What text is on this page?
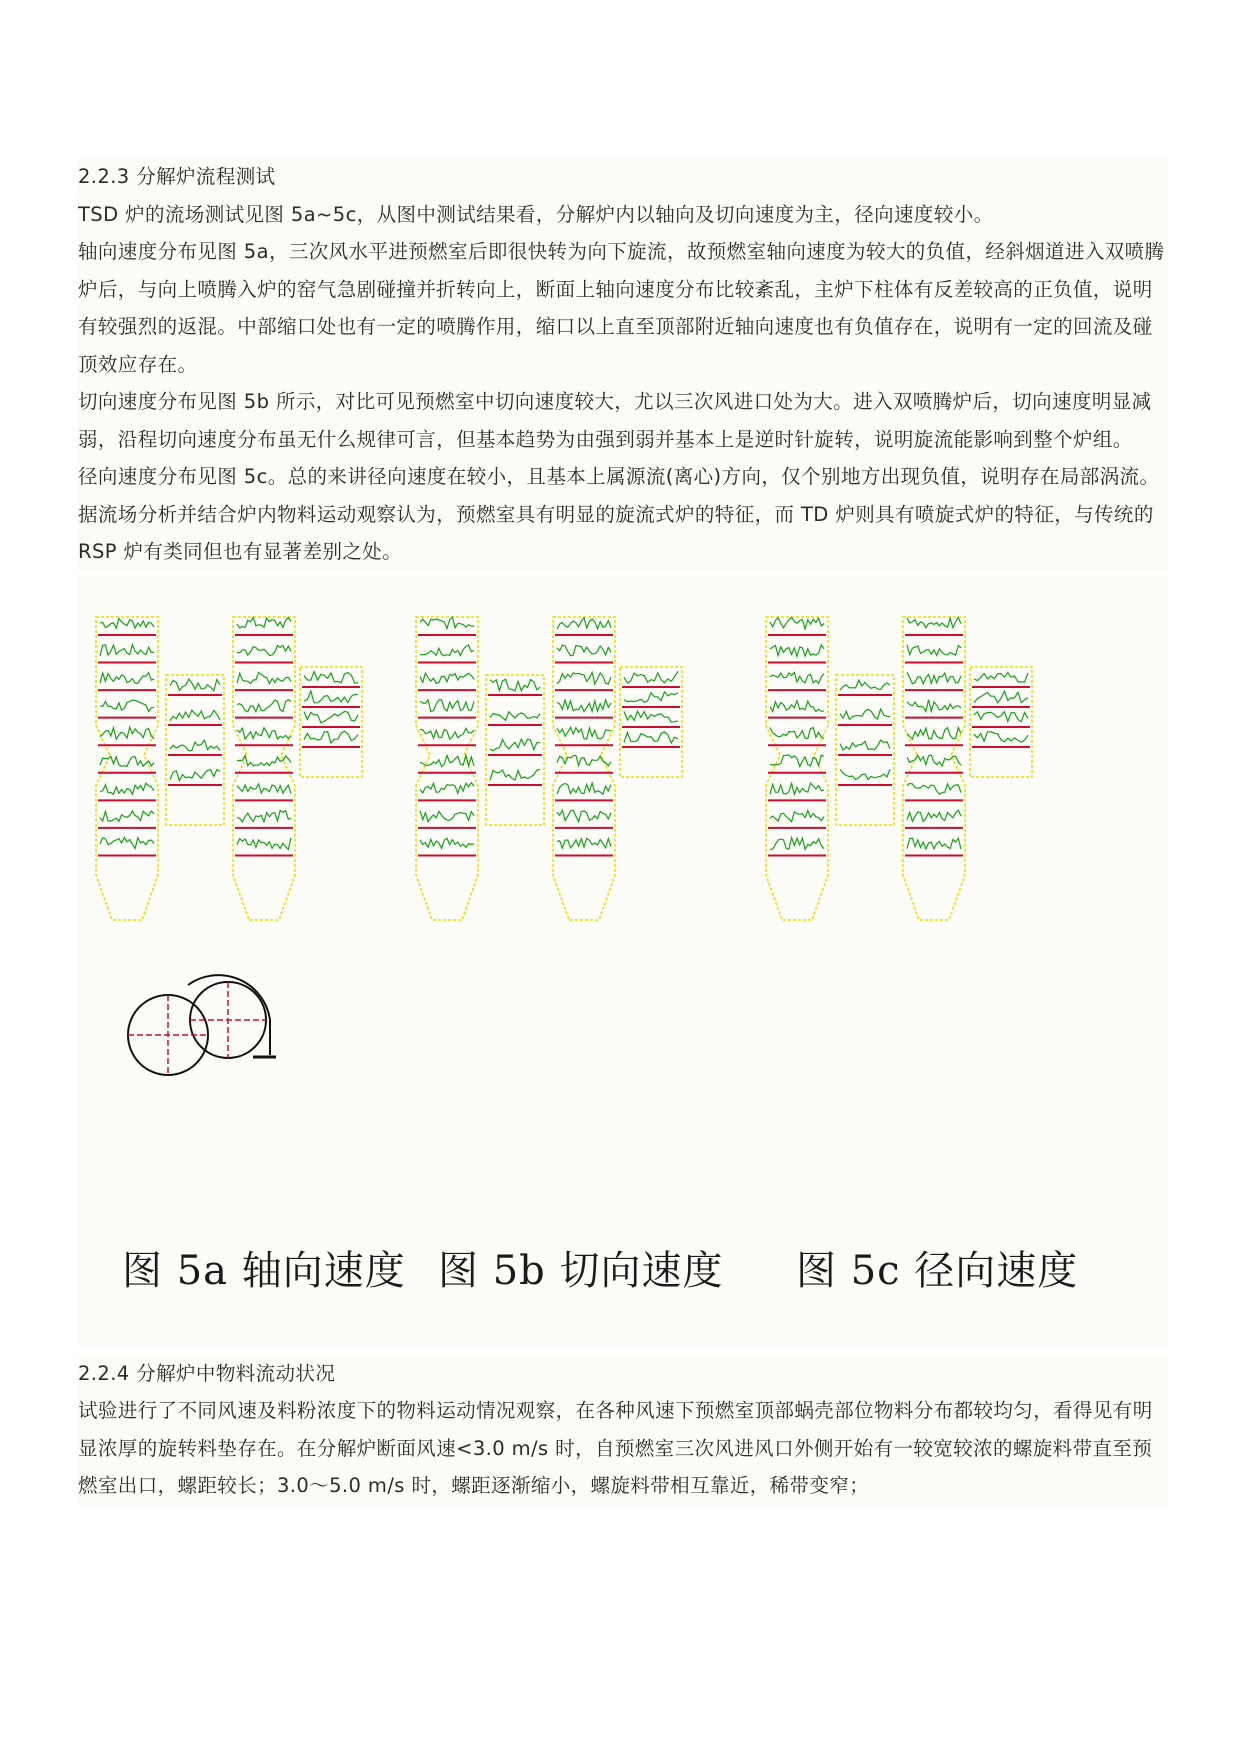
2.2.3 分解炉流程测试

TSD 炉的流场测试见图 5a~5c，从图中测试结果看，分解炉内以轴向及切向速度为主，径向速度较小。

轴向速度分布见图 5a，三次风水平进预燃室后即很快转为向下旋流，故预燃室轴向速度为较大的负值，经斜烟道进入双喷腾炉后，与向上喷腾入炉的窑气急剧碰撞并折转向上，断面上轴向速度分布比较紊乱，主炉下柱体有反差较高的正负值，说明有较强烈的返混。中部缩口处也有一定的喷腾作用，缩口以上直至顶部附近轴向速度也有负值存在，说明有一定的回流及碰顶效应存在。

切向速度分布见图 5b 所示，对比可见预燃室中切向速度较大，尤以三次风进口处为大。进入双喷腾炉后，切向速度明显减弱，沿程切向速度分布虽无什么规律可言，但基本趋势为由强到弱并基本上是逆时针旋转，说明旋流能影响到整个炉组。

径向速度分布见图 5c。总的来讲径向速度在较小，且基本上属源流(离心)方向，仅个别地方出现负值，说明存在局部涡流。

据流场分析并结合炉内物料运动观察认为，预燃室具有明显的旋流式炉的特征，而 TD 炉则具有喷旋式炉的特征，与传统的 RSP 炉有类同但也有显著差别之处。

图 5a 轴向速度 图 5b 切向速度 图 5c 径向速度

2.2.4 分解炉中物料流动状况

试验进行了不同风速及料粉浓度下的物料运动情况观察，在各种风速下预燃室顶部蜗壳部位物料分布都较均匀，看得见有明显浓厚的旋转料垫存在。在分解炉断面风速<3.0 m/s 时，自预燃室三次风进风口外侧开始有一较宽较浓的螺旋料带直至预燃室出口，螺距较长；3.0～5.0 m/s 时，螺距逐渐缩小，螺旋料带相互靠近，稀带变窄；
